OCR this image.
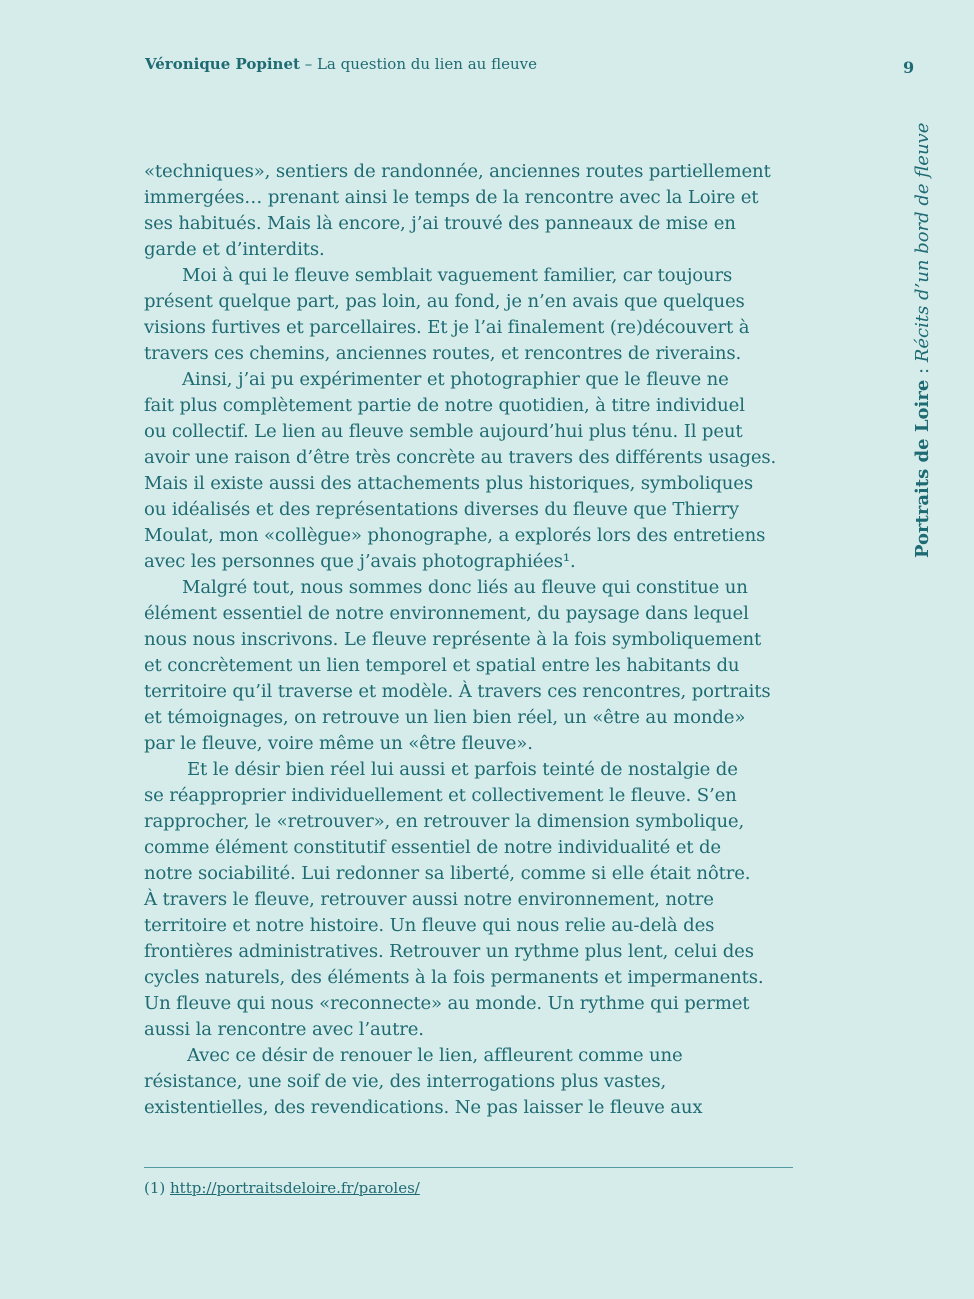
Véronique Popinet – La question du lien au fleuve	9
Portraits de Loire : Récits d’un bord de fleuve
«techniques», sentiers de randonnée, anciennes routes partiellement
immergées… prenant ainsi le temps de la rencontre avec la Loire et
ses habitués. Mais là encore, j’ai trouvé des panneaux de mise en
garde et d’interdits.
Moi à qui le fleuve semblait vaguement familier, car toujours
présent quelque part, pas loin, au fond, je n’en avais que quelques
visions furtives et parcellaires. Et je l’ai finalement (re)découvert à
travers ces chemins, anciennes routes, et rencontres de riverains.
Ainsi, j’ai pu expérimenter et photographier que le fleuve ne
fait plus complètement partie de notre quotidien, à titre individuel
ou collectif. Le lien au fleuve semble aujourd’hui plus ténu. Il peut
avoir une raison d’être très concrète au travers des différents usages.
Mais il existe aussi des attachements plus historiques, symboliques
ou idéalisés et des représentations diverses du fleuve que Thierry
Moulat, mon «collègue» phonographe, a explorés lors des entretiens
avec les personnes que j’avais photographiées¹.
Malgré tout, nous sommes donc liés au fleuve qui constitue un
élément essentiel de notre environnement, du paysage dans lequel
nous nous inscrivons. Le fleuve représente à la fois symboliquement
et concrètement un lien temporel et spatial entre les habitants du
territoire qu’il traverse et modèle. À travers ces rencontres, portraits
et témoignages, on retrouve un lien bien réel, un «être au monde»
par le fleuve, voire même un «être fleuve».
Et le désir bien réel lui aussi et parfois teinté de nostalgie de
se réapproprier individuellement et collectivement le fleuve. S’en
rapprocher, le «retrouver», en retrouver la dimension symbolique,
comme élément constitutif essentiel de notre individualité et de
notre sociabilité. Lui redonner sa liberté, comme si elle était nôtre.
À travers le fleuve, retrouver aussi notre environnement, notre
territoire et notre histoire. Un fleuve qui nous relie au-delà des
frontières administratives. Retrouver un rythme plus lent, celui des
cycles naturels, des éléments à la fois permanents et impermanents.
Un fleuve qui nous «reconnecte» au monde. Un rythme qui permet
aussi la rencontre avec l’autre.
Avec ce désir de renouer le lien, affleurent comme une
résistance, une soif de vie, des interrogations plus vastes,
existentielles, des revendications. Ne pas laisser le fleuve aux
(1) http://portraitsdeloire.fr/paroles/
